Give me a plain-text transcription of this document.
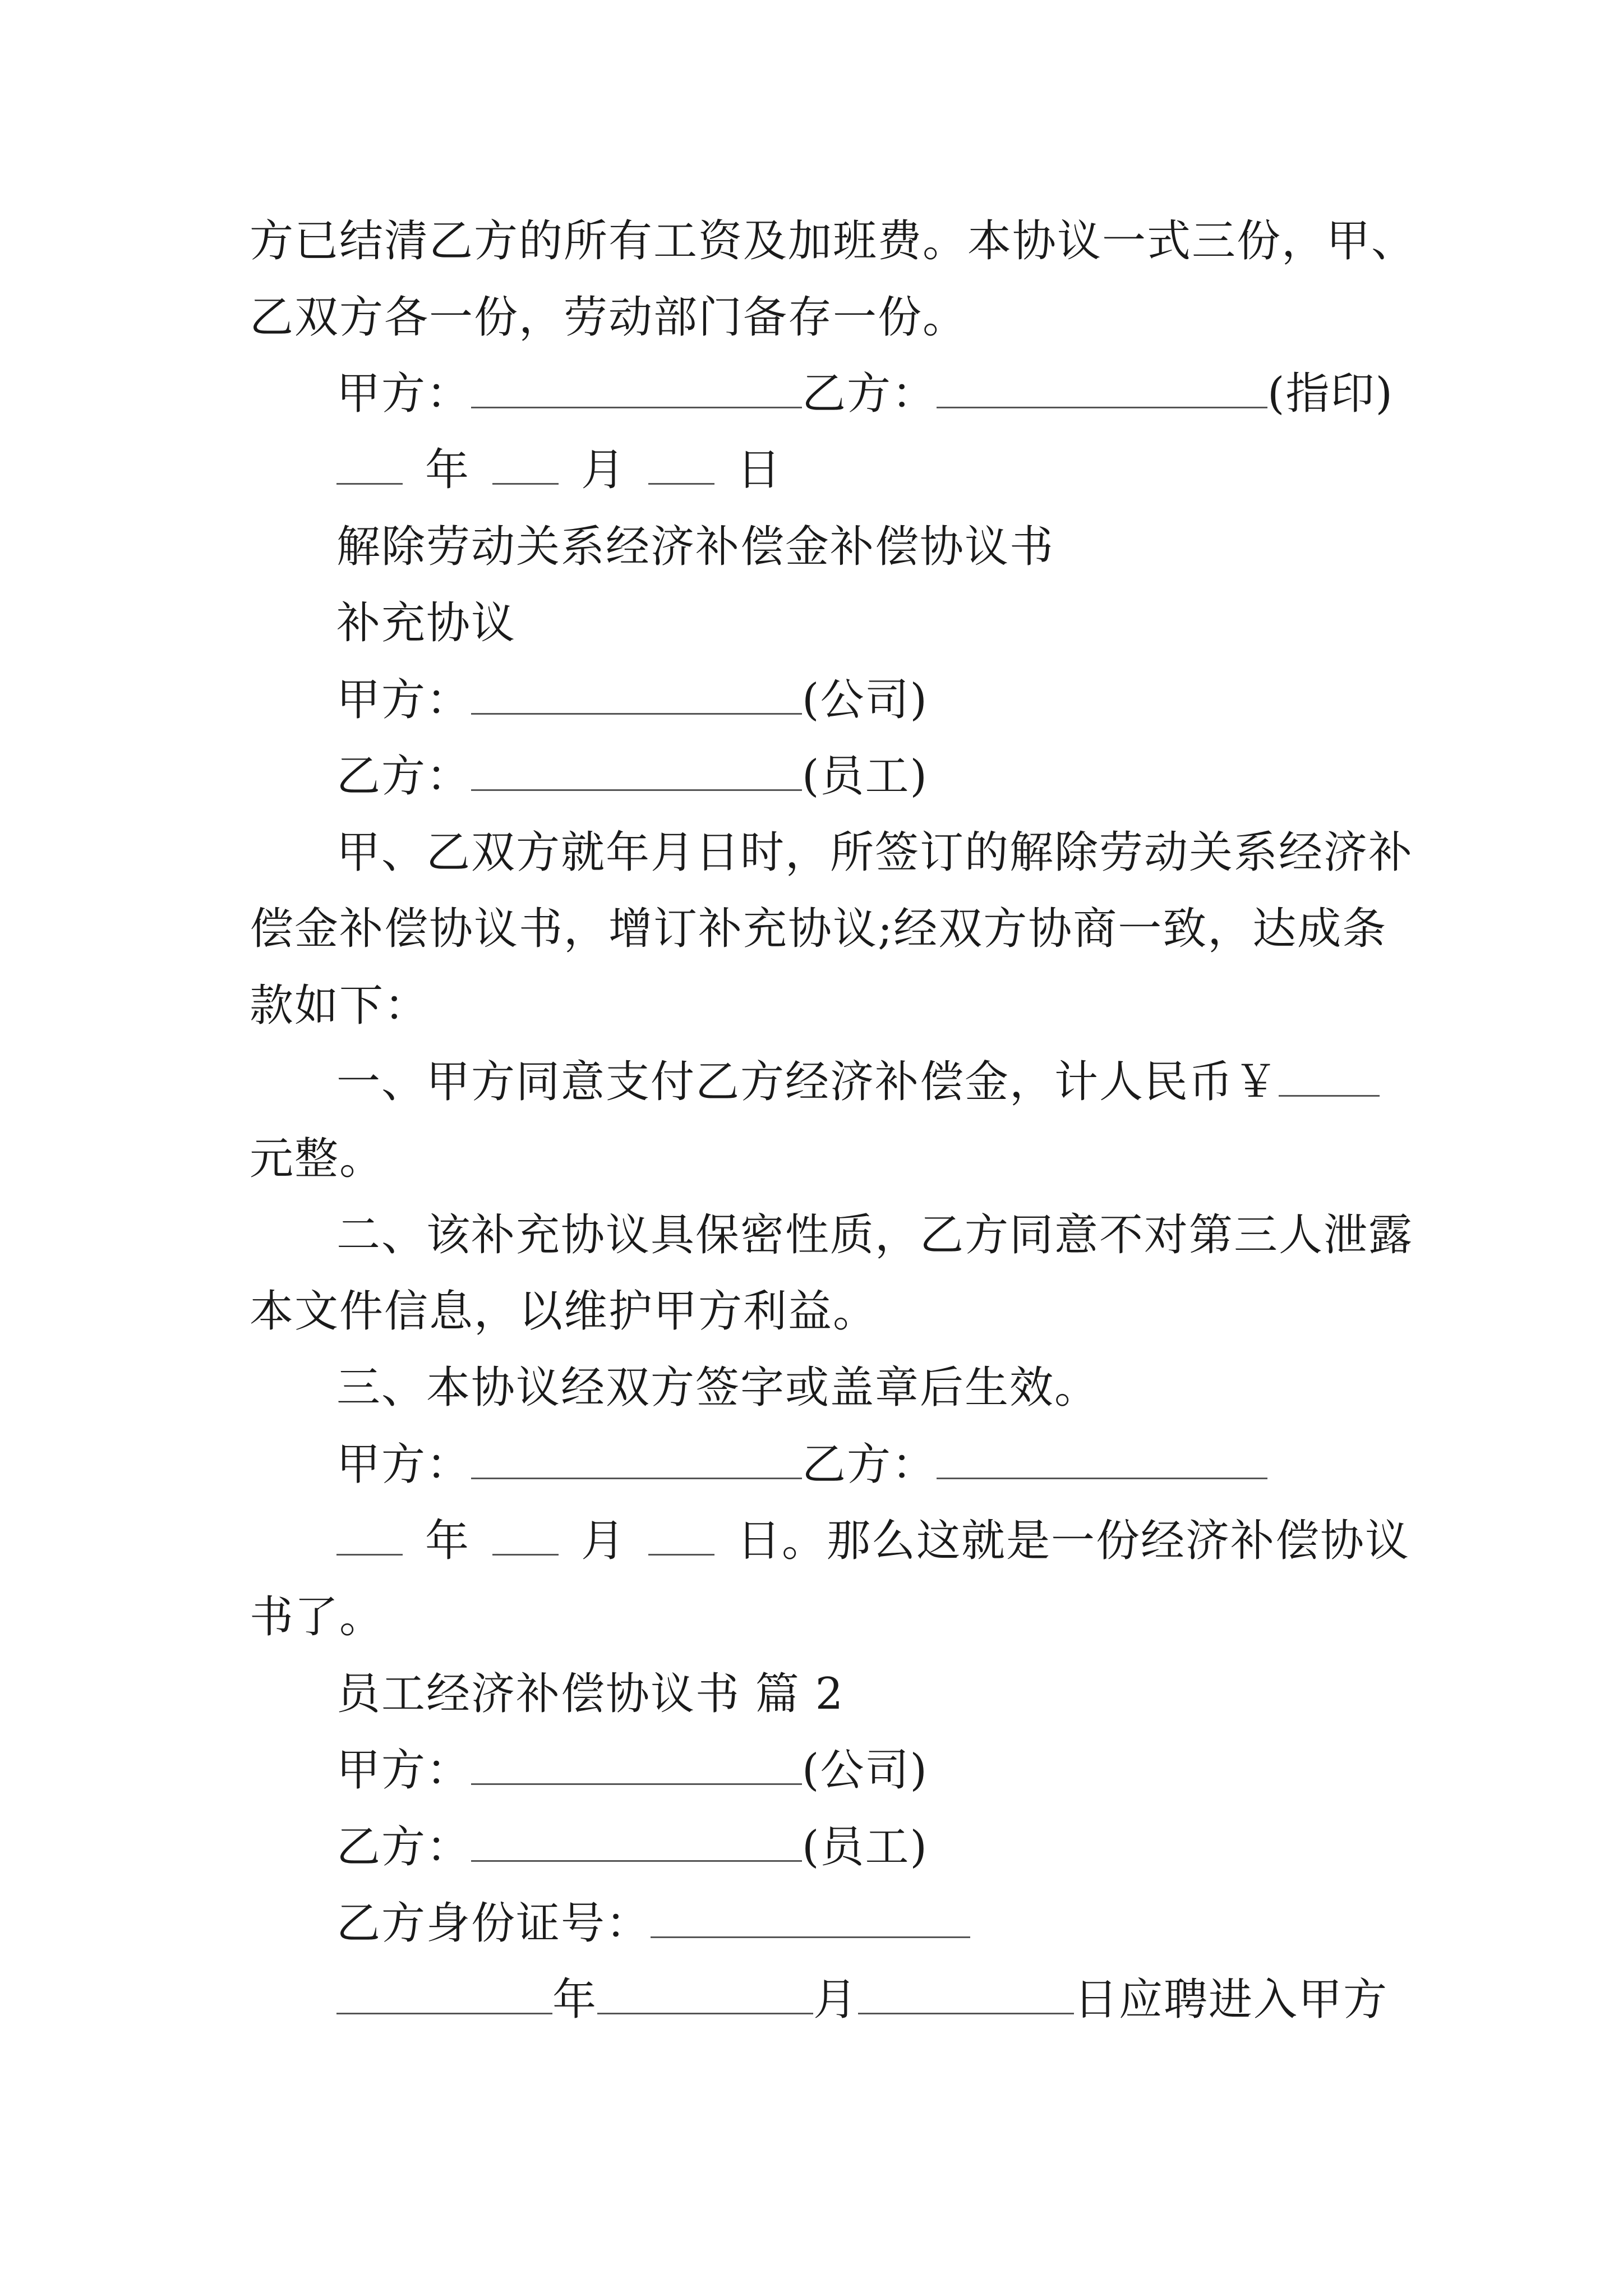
方已结清乙方的所有工资及加班费。本协议一式三份，甲、
乙双方各一份，劳动部门备存一份。
甲方：	乙方：	(指印)
年	月	日
解除劳动关系经济补偿金补偿协议书
补充协议
甲方：	(公司)
乙方：	(员工)
甲、乙双方就年月日时，所签订的解除劳动关系经济补
偿金补偿协议书，增订补充协议;经双方协商一致，达成条
款如下：
一、甲方同意支付乙方经济补偿金，计人民币￥
元整。
二、该补充协议具保密性质，乙方同意不对第三人泄露
本文件信息，以维护甲方利益。
三、本协议经双方签字或盖章后生效。
甲方：	乙方：
年	月	日。那么这就是一份经济补偿协议
书了。
员工经济补偿协议书 篇 2
甲方：	(公司)
乙方：	(员工)
乙方身份证号：
年	月	日应聘进入甲方
